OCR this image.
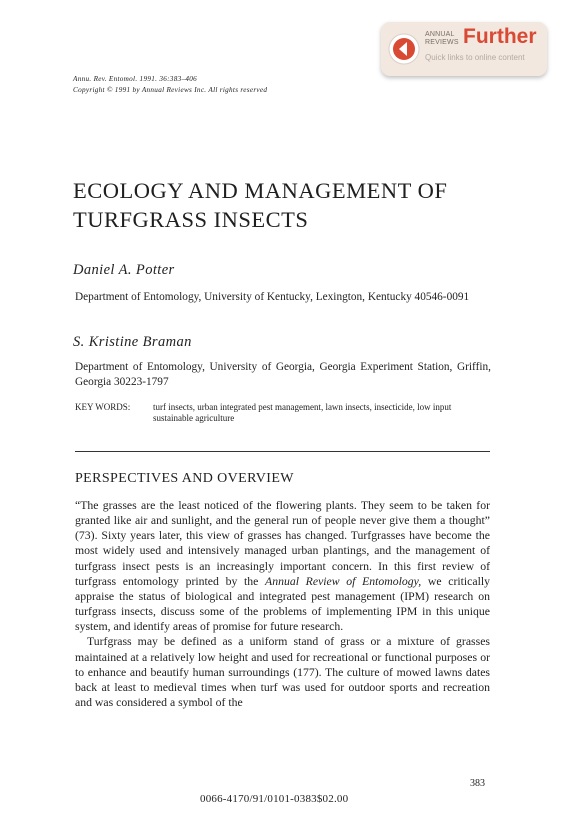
ANNUAL
REVIEWS Further
Quick links to online content
Annu. Rev. Entomol. 1991. 36:383–406
Copyright © 1991 by Annual Reviews Inc. All rights reserved
ECOLOGY AND MANAGEMENT OF
TURFGRASS INSECTS
Daniel A. Potter
Department of Entomology, University of Kentucky, Lexington, Kentucky 40546-0091
S. Kristine Braman
Department of Entomology, University of Georgia, Georgia Experiment Station, Griffin, Georgia 30223-1797
KEY WORDS:	turf insects, urban integrated pest management, lawn insects, insecticide, low input sustainable agriculture
PERSPECTIVES AND OVERVIEW

“The grasses are the least noticed of the flowering plants. They seem to be taken for granted like air and sunlight, and the general run of people never give them a thought” (73). Sixty years later, this view of grasses has changed. Turfgrasses have become the most widely used and intensively managed urban plantings, and the management of turfgrass insect pests is an increasingly important concern. In this first review of turfgrass entomology printed by the Annual Review of Entomology, we critically appraise the status of biological and integrated pest management (IPM) research on turfgrass insects, discuss some of the problems of implementing IPM in this unique system, and identify areas of promise for future research.

Turfgrass may be defined as a uniform stand of grass or a mixture of grasses maintained at a relatively low height and used for recreational or functional purposes or to enhance and beautify human surroundings (177). The culture of mowed lawns dates back at least to medieval times when turf was used for outdoor sports and recreation and was considered a symbol of the

383
0066-4170/91/0101-0383$02.00
